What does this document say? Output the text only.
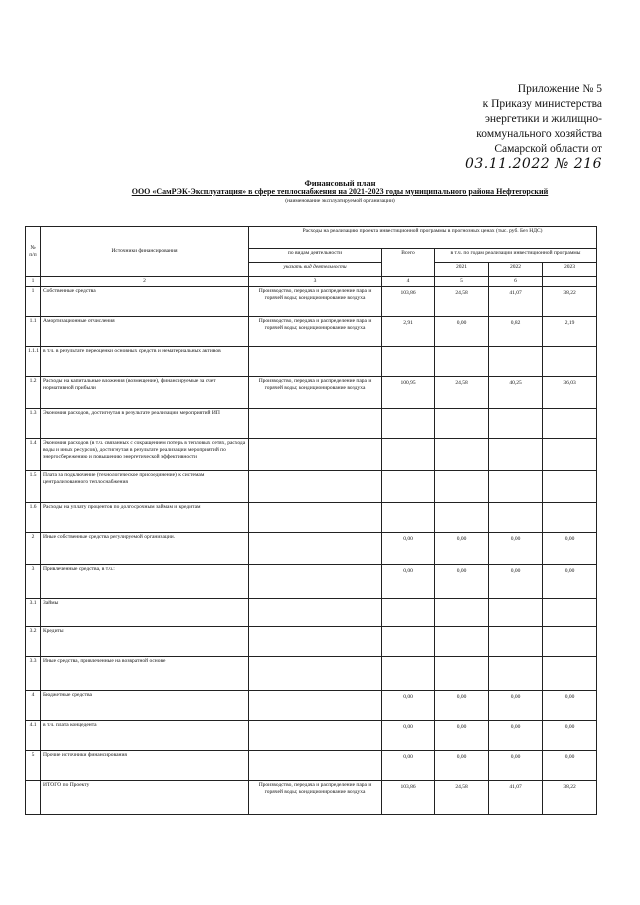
Приложение № 5
к Приказу министерства
энергетики и жилищно-
коммунального хозяйства
Самарской области от
03.11.2022 № 216
Финансовый план
ООО «СамРЭК-Эксплуатация» в сфере теплоснабжения на 2021-2023 годы муниципального района Нефтегорский
(наименование эксплуатируемой организации)
№ п/п	Источники финансирования	Расходы на реализацию проекта инвестиционной программы в прогнозных ценах (тыс. руб. Без НДС)				
		по видам деятельности	Всего	в т.ч. по годам реализации инвестиционной программы		
		указать вид деятельности		2021	2022	2023
1	2	3	4	5	6	
1	Собственные средства	Производство, передача и распределение пара и горячей воды; кондиционирование воздуха	103,86	24,58	41,07	38,22
1.1	Амортизационные отчисления	Производство, передача и распределение пара и горячей воды; кондиционирование воздуха	2,91	0,00	0,82	2,19
1.1.1	в т.ч. в результате переоценки основных средств и нематериальных активов					
1.2	Расходы на капитальные вложения (возмещение), финансируемые за счет нормативной прибыли	Производство, передача и распределение пара и горячей воды; кондиционирование воздуха	100,95	24,58	40,25	36,03
1.3	Экономия расходов, достигнутая в результате реализации мероприятий ИП					
1.4	Экономия расходов (в т.ч. связанных с сокращением потерь в тепловых сетях, расхода воды и иных ресурсов), достигнутая в результате реализации мероприятий по энергосбережению и повышению энергетической эффективности					
1.5	Плата за подключение (технологическое присоединение) к системам централизованного теплоснабжения					
1.6	Расходы на уплату процентов по долгосрочным займам и кредитам					
2	Иные собственные средства регулируемой организации.		0,00	0,00	0,00	0,00
3	Привлеченные средства, в т.ч.:		0,00	0,00	0,00	0,00
3.1	Займы					
3.2	Кредиты					
3.3	Иные средства, привлеченные на возвратной основе					
4	Бюджетные средства		0,00	0,00	0,00	0,00
4.1	в т.ч. плата концедента		0,00	0,00	0,00	0,00
5	Прочие источники финансирования		0,00	0,00	0,00	0,00
	ИТОГО по Проекту	Производство, передача и распределение пара и горячей воды; кондиционирование воздуха	103,86	24,58	41,07	38,22
